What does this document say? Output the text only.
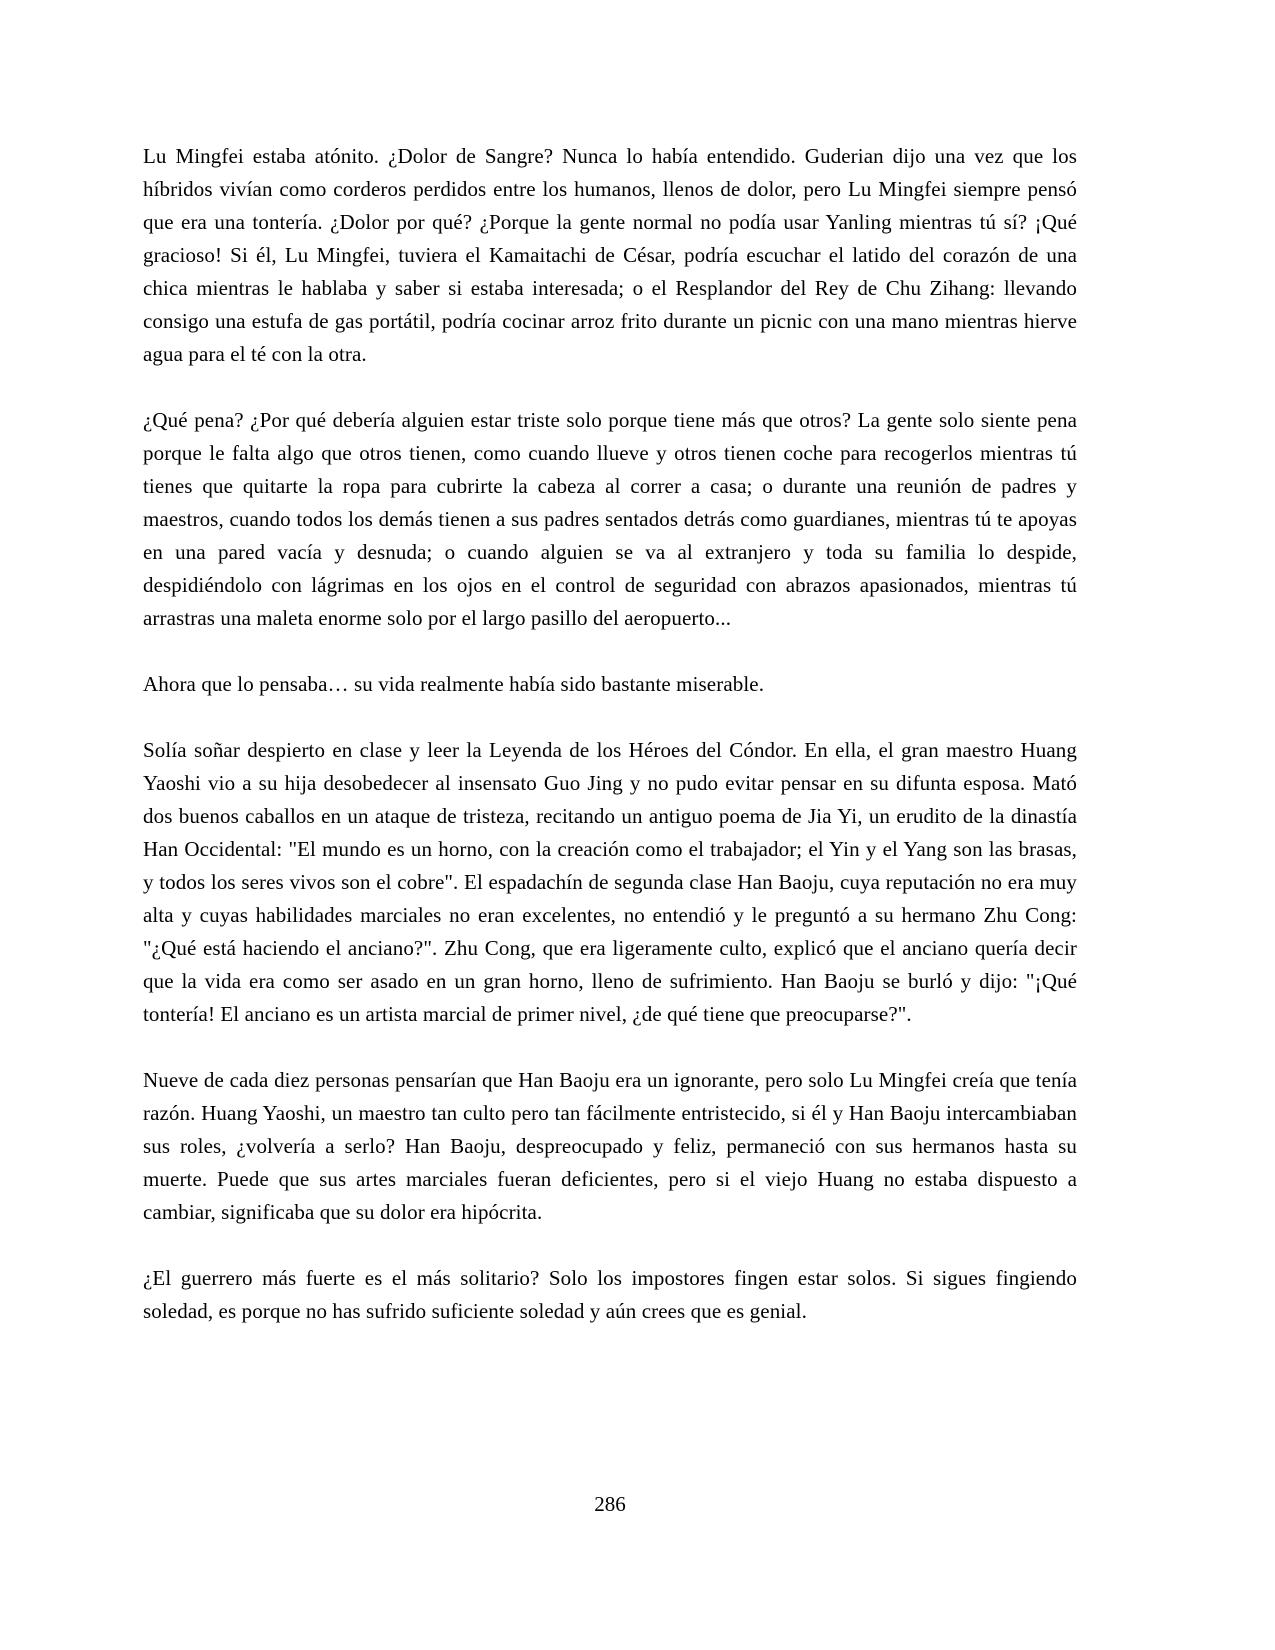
Lu Mingfei estaba atónito. ¿Dolor de Sangre? Nunca lo había entendido. Guderian dijo una vez que los híbridos vivían como corderos perdidos entre los humanos, llenos de dolor, pero Lu Mingfei siempre pensó que era una tontería. ¿Dolor por qué? ¿Porque la gente normal no podía usar Yanling mientras tú sí? ¡Qué gracioso! Si él, Lu Mingfei, tuviera el Kamaitachi de César, podría escuchar el latido del corazón de una chica mientras le hablaba y saber si estaba interesada; o el Resplandor del Rey de Chu Zihang: llevando consigo una estufa de gas portátil, podría cocinar arroz frito durante un picnic con una mano mientras hierve agua para el té con la otra.

¿Qué pena? ¿Por qué debería alguien estar triste solo porque tiene más que otros? La gente solo siente pena porque le falta algo que otros tienen, como cuando llueve y otros tienen coche para recogerlos mientras tú tienes que quitarte la ropa para cubrirte la cabeza al correr a casa; o durante una reunión de padres y maestros, cuando todos los demás tienen a sus padres sentados detrás como guardianes, mientras tú te apoyas en una pared vacía y desnuda; o cuando alguien se va al extranjero y toda su familia lo despide, despidiéndolo con lágrimas en los ojos en el control de seguridad con abrazos apasionados, mientras tú arrastras una maleta enorme solo por el largo pasillo del aeropuerto...

Ahora que lo pensaba… su vida realmente había sido bastante miserable.

Solía soñar despierto en clase y leer la Leyenda de los Héroes del Cóndor. En ella, el gran maestro Huang Yaoshi vio a su hija desobedecer al insensato Guo Jing y no pudo evitar pensar en su difunta esposa. Mató dos buenos caballos en un ataque de tristeza, recitando un antiguo poema de Jia Yi, un erudito de la dinastía Han Occidental: "El mundo es un horno, con la creación como el trabajador; el Yin y el Yang son las brasas, y todos los seres vivos son el cobre". El espadachín de segunda clase Han Baoju, cuya reputación no era muy alta y cuyas habilidades marciales no eran excelentes, no entendió y le preguntó a su hermano Zhu Cong: "¿Qué está haciendo el anciano?". Zhu Cong, que era ligeramente culto, explicó que el anciano quería decir que la vida era como ser asado en un gran horno, lleno de sufrimiento. Han Baoju se burló y dijo: "¡Qué tontería! El anciano es un artista marcial de primer nivel, ¿de qué tiene que preocuparse?".

Nueve de cada diez personas pensarían que Han Baoju era un ignorante, pero solo Lu Mingfei creía que tenía razón. Huang Yaoshi, un maestro tan culto pero tan fácilmente entristecido, si él y Han Baoju intercambiaban sus roles, ¿volvería a serlo? Han Baoju, despreocupado y feliz, permaneció con sus hermanos hasta su muerte. Puede que sus artes marciales fueran deficientes, pero si el viejo Huang no estaba dispuesto a cambiar, significaba que su dolor era hipócrita.

¿El guerrero más fuerte es el más solitario? Solo los impostores fingen estar solos. Si sigues fingiendo soledad, es porque no has sufrido suficiente soledad y aún crees que es genial.

286
